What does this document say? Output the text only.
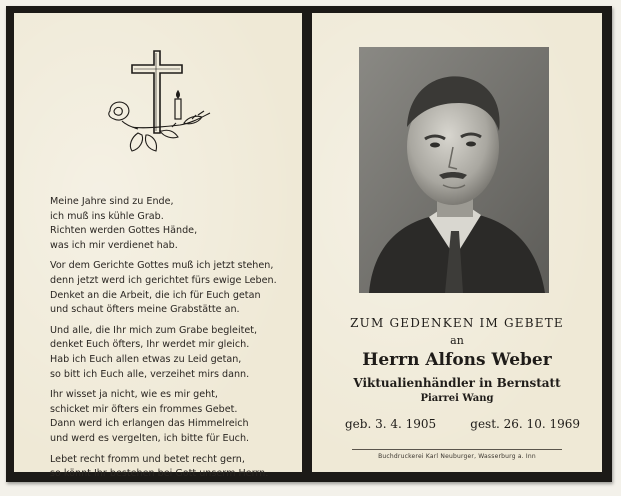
Meine Jahre sind zu Ende,
ich muß ins kühle Grab.
Richten werden Gottes Hände,
was ich mir verdienet hab.
Vor dem Gerichte Gottes muß ich jetzt stehen,
denn jetzt werd ich gerichtet fürs ewige Leben.
Denket an die Arbeit, die ich für Euch getan
und schaut öfters meine Grabstätte an.
Und alle, die Ihr mich zum Grabe begleitet,
denket Euch öfters, Ihr werdet mir gleich.
Hab ich Euch allen etwas zu Leid getan,
so bitt ich Euch alle, verzeihet mirs dann.
Ihr wisset ja nicht, wie es mir geht,
schicket mir öfters ein frommes Gebet.
Dann werd ich erlangen das Himmelreich
und werd es vergelten, ich bitte für Euch.
Lebet recht fromm und betet recht gern,
so könnt Ihr bestehen bei Gott unserm Herrn.
ZUM GEDENKEN IM GEBETE
an
Herrn Alfons Weber
Viktualienhändler in Bernstatt
Piarrei Wang
geb. 3. 4. 1905	gest. 26. 10. 1969
Buchdruckerei Karl Neuburger, Wasserburg a. Inn
